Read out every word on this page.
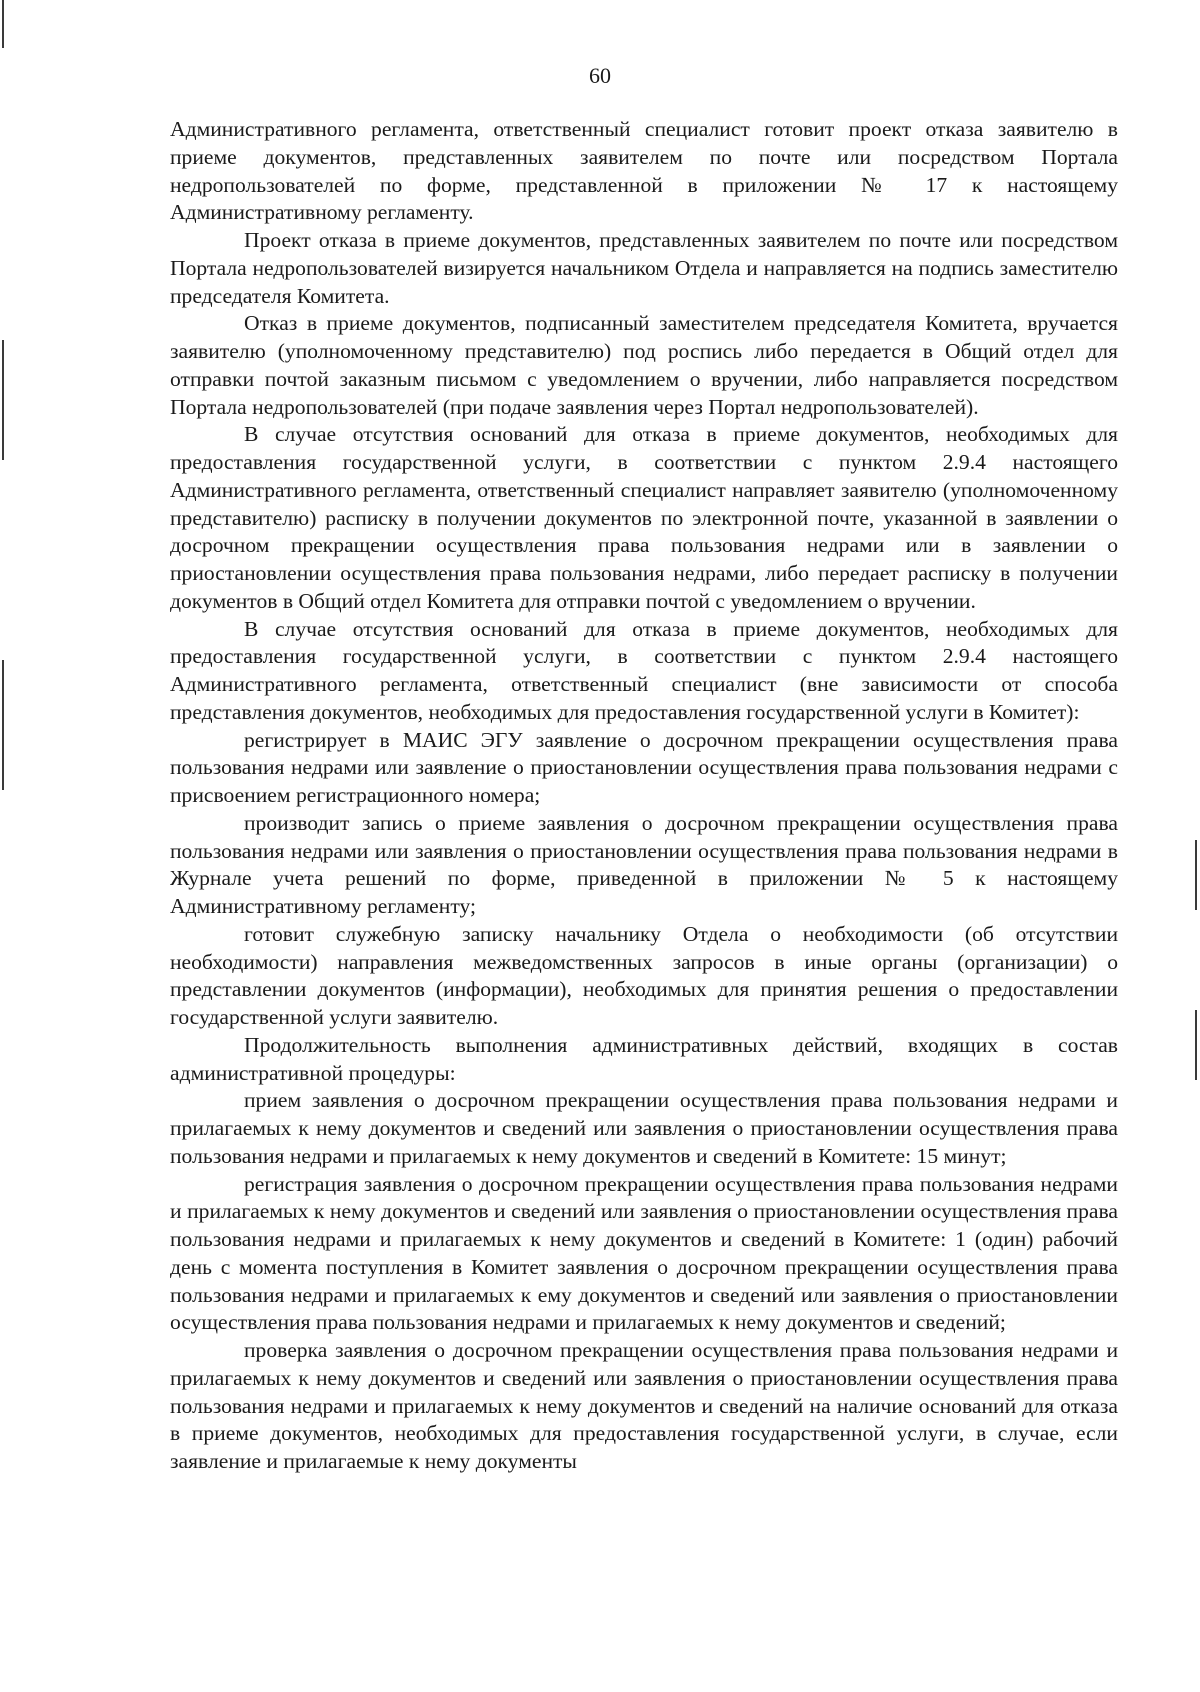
60

Административного регламента, ответственный специалист готовит проект отказа заявителю в приеме документов, представленных заявителем по почте или посредством Портала недропользователей по форме, представленной в приложении № 17 к настоящему Административному регламенту.

Проект отказа в приеме документов, представленных заявителем по почте или посредством Портала недропользователей визируется начальником Отдела и направляется на подпись заместителю председателя Комитета.

Отказ в приеме документов, подписанный заместителем председателя Комитета, вручается заявителю (уполномоченному представителю) под роспись либо передается в Общий отдел для отправки почтой заказным письмом с уведомлением о вручении, либо направляется посредством Портала недропользователей (при подаче заявления через Портал недропользователей).

В случае отсутствия оснований для отказа в приеме документов, необходимых для предоставления государственной услуги, в соответствии с пунктом 2.9.4 настоящего Административного регламента, ответственный специалист направляет заявителю (уполномоченному представителю) расписку в получении документов по электронной почте, указанной в заявлении о досрочном прекращении осуществления права пользования недрами или в заявлении о приостановлении осуществления права пользования недрами, либо передает расписку в получении документов в Общий отдел Комитета для отправки почтой с уведомлением о вручении.

В случае отсутствия оснований для отказа в приеме документов, необходимых для предоставления государственной услуги, в соответствии с пунктом 2.9.4 настоящего Административного регламента, ответственный специалист (вне зависимости от способа представления документов, необходимых для предоставления государственной услуги в Комитет):

регистрирует в МАИС ЭГУ заявление о досрочном прекращении осуществления права пользования недрами или заявление о приостановлении осуществления права пользования недрами с присвоением регистрационного номера;

производит запись о приеме заявления о досрочном прекращении осуществления права пользования недрами или заявления о приостановлении осуществления права пользования недрами в Журнале учета решений по форме, приведенной в приложении № 5 к настоящему Административному регламенту;

готовит служебную записку начальнику Отдела о необходимости (об отсутствии необходимости) направления межведомственных запросов в иные органы (организации) о представлении документов (информации), необходимых для принятия решения о предоставлении государственной услуги заявителю.

Продолжительность выполнения административных действий, входящих в состав административной процедуры:

прием заявления о досрочном прекращении осуществления права пользования недрами и прилагаемых к нему документов и сведений или заявления о приостановлении осуществления права пользования недрами и прилагаемых к нему документов и сведений в Комитете: 15 минут;

регистрация заявления о досрочном прекращении осуществления права пользования недрами и прилагаемых к нему документов и сведений или заявления о приостановлении осуществления права пользования недрами и прилагаемых к нему документов и сведений в Комитете: 1 (один) рабочий день с момента поступления в Комитет заявления о досрочном прекращении осуществления права пользования недрами и прилагаемых к ему документов и сведений или заявления о приостановлении осуществления права пользования недрами и прилагаемых к нему документов и сведений;

проверка заявления о досрочном прекращении осуществления права пользования недрами и прилагаемых к нему документов и сведений или заявления о приостановлении осуществления права пользования недрами и прилагаемых к нему документов и сведений на наличие оснований для отказа в приеме документов, необходимых для предоставления государственной услуги, в случае, если заявление и прилагаемые к нему документы
